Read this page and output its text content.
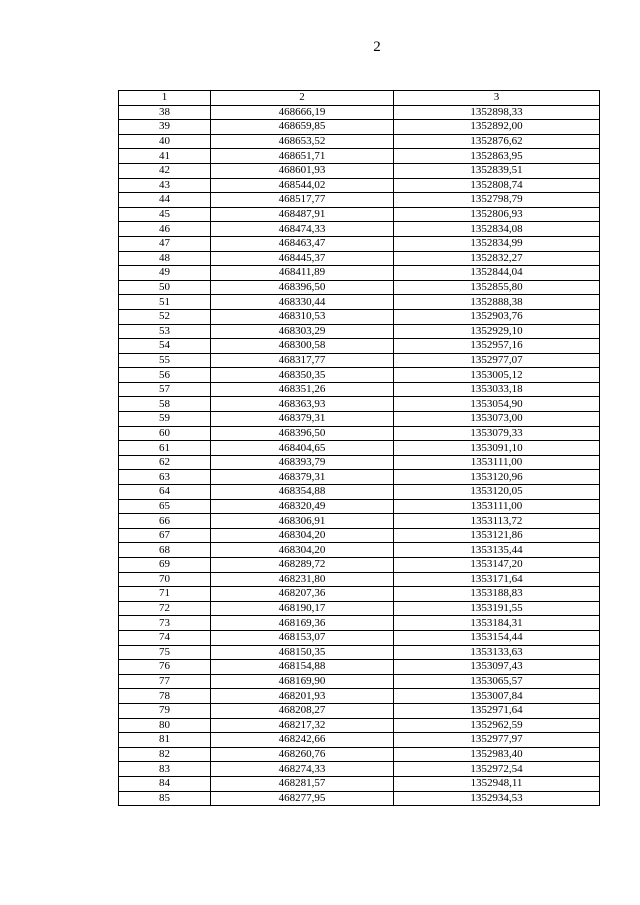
2
1	2	3
38	468666,19	1352898,33
39	468659,85	1352892,00
40	468653,52	1352876,62
41	468651,71	1352863,95
42	468601,93	1352839,51
43	468544,02	1352808,74
44	468517,77	1352798,79
45	468487,91	1352806,93
46	468474,33	1352834,08
47	468463,47	1352834,99
48	468445,37	1352832,27
49	468411,89	1352844,04
50	468396,50	1352855,80
51	468330,44	1352888,38
52	468310,53	1352903,76
53	468303,29	1352929,10
54	468300,58	1352957,16
55	468317,77	1352977,07
56	468350,35	1353005,12
57	468351,26	1353033,18
58	468363,93	1353054,90
59	468379,31	1353073,00
60	468396,50	1353079,33
61	468404,65	1353091,10
62	468393,79	1353111,00
63	468379,31	1353120,96
64	468354,88	1353120,05
65	468320,49	1353111,00
66	468306,91	1353113,72
67	468304,20	1353121,86
68	468304,20	1353135,44
69	468289,72	1353147,20
70	468231,80	1353171,64
71	468207,36	1353188,83
72	468190,17	1353191,55
73	468169,36	1353184,31
74	468153,07	1353154,44
75	468150,35	1353133,63
76	468154,88	1353097,43
77	468169,90	1353065,57
78	468201,93	1353007,84
79	468208,27	1352971,64
80	468217,32	1352962,59
81	468242,66	1352977,97
82	468260,76	1352983,40
83	468274,33	1352972,54
84	468281,57	1352948,11
85	468277,95	1352934,53
